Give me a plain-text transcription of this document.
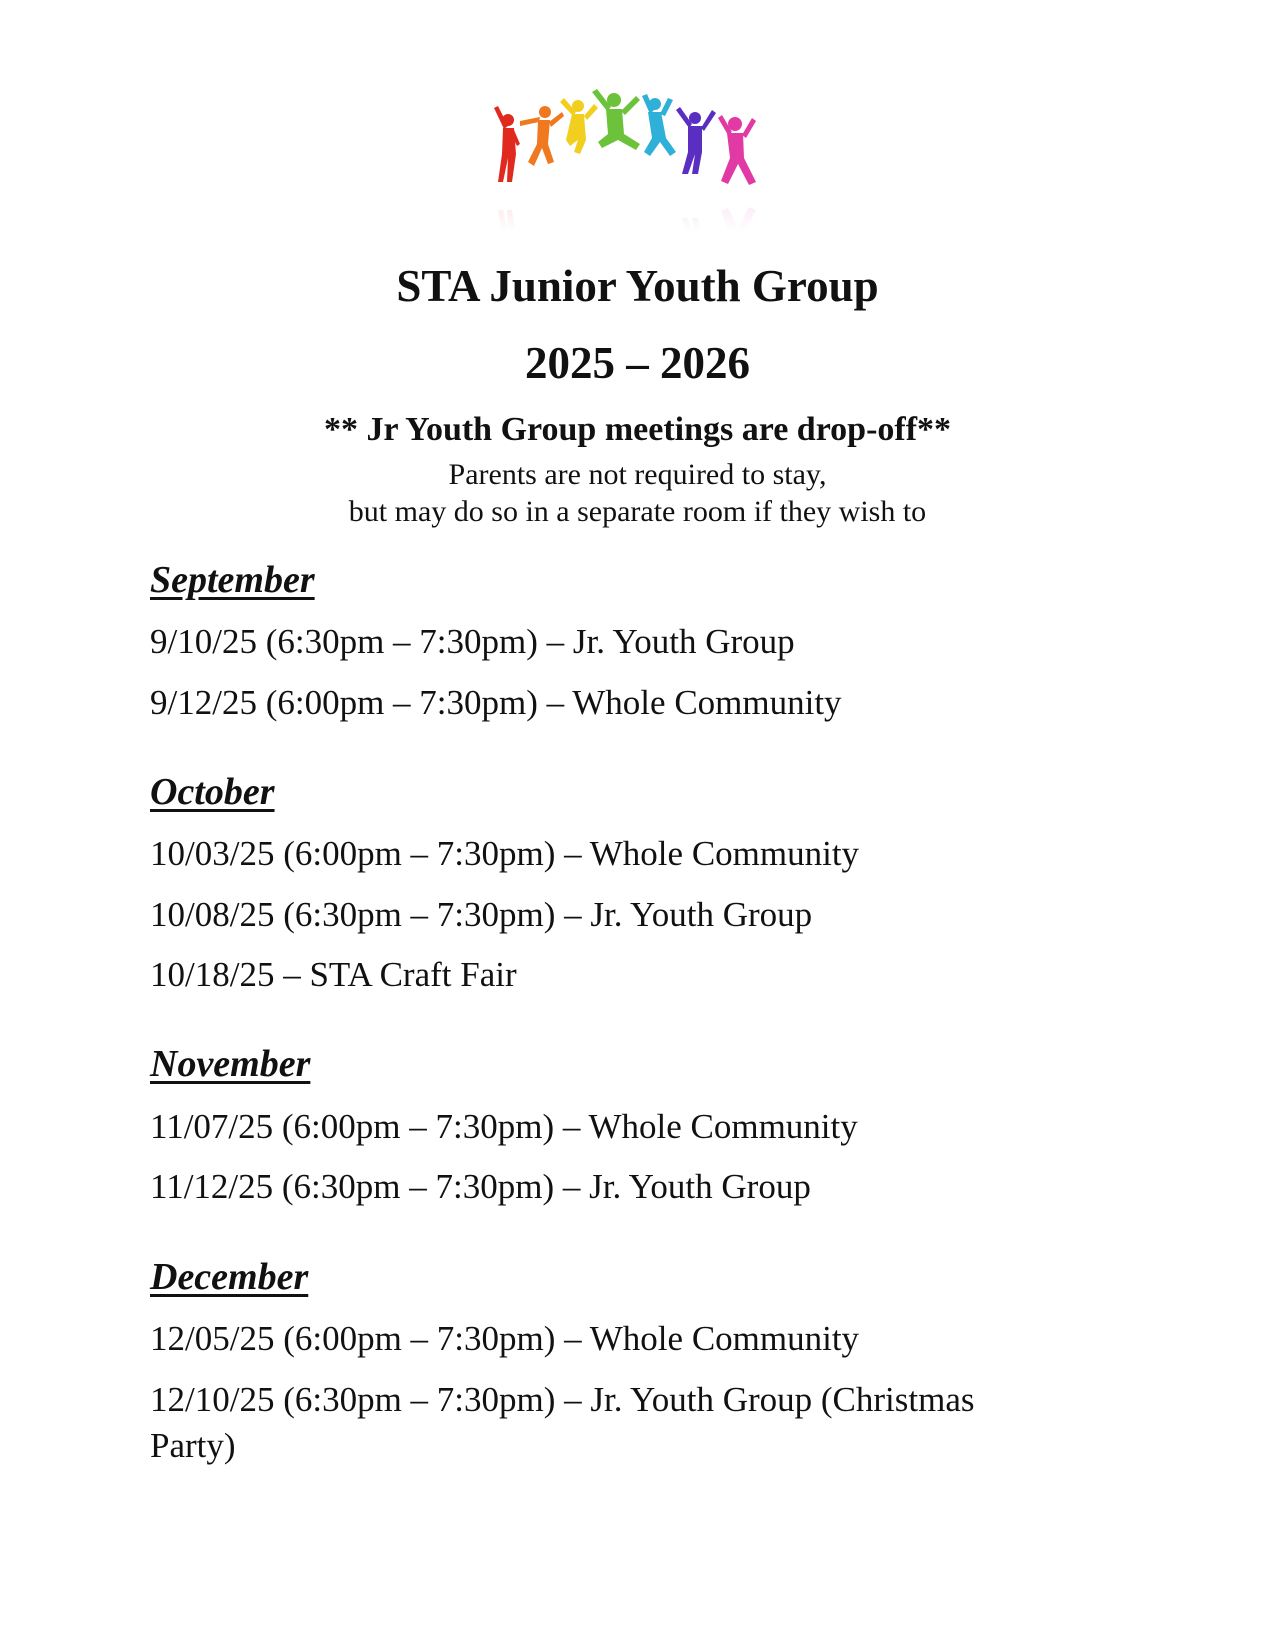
STA Junior Youth Group
2025 – 2026
** Jr Youth Group meetings are drop-off**
Parents are not required to stay,
but may do so in a separate room if they wish to
September
9/10/25 (6:30pm – 7:30pm) – Jr. Youth Group
9/12/25 (6:00pm – 7:30pm) – Whole Community
October
10/03/25 (6:00pm – 7:30pm) – Whole Community
10/08/25 (6:30pm – 7:30pm) – Jr. Youth Group
10/18/25 – STA Craft Fair
November
11/07/25 (6:00pm – 7:30pm) – Whole Community
11/12/25 (6:30pm – 7:30pm) – Jr. Youth Group
December
12/05/25 (6:00pm – 7:30pm) – Whole Community
12/10/25 (6:30pm – 7:30pm) – Jr. Youth Group (Christmas Party)
